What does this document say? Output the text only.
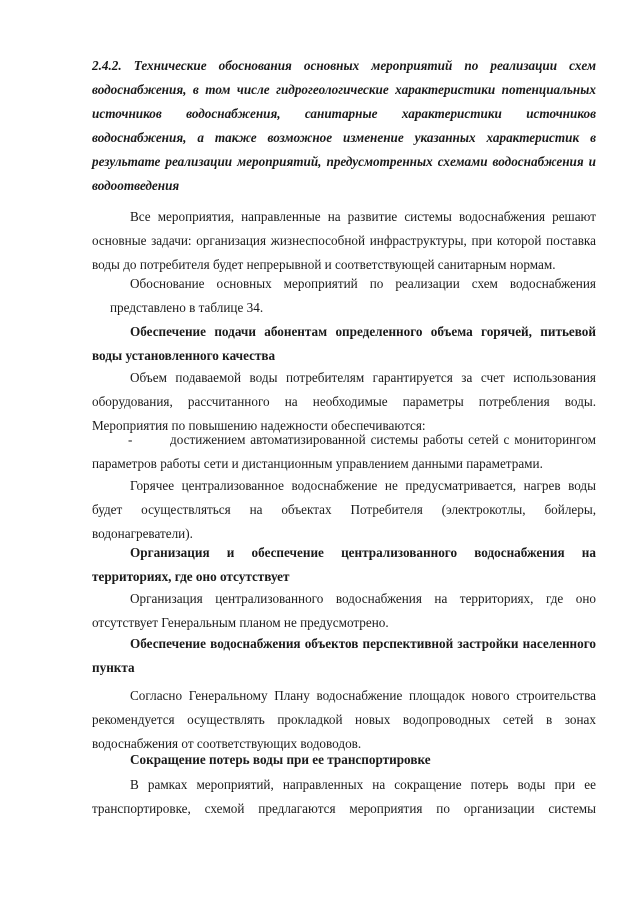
2.4.2. Технические обоснования основных мероприятий по реализации схем
водоснабжения, в том числе гидрогеологические характеристики потенциальных
источников водоснабжения, санитарные характеристики источников
водоснабжения, а также возможное изменение указанных характеристик в
результате реализации мероприятий, предусмотренных схемами водоснабжения и
водоотведения
Все мероприятия, направленные на развитие системы водоснабжения решают
основные задачи: организация жизнеспособной инфраструктуры, при которой поставка
воды до потребителя будет непрерывной и соответствующей санитарным нормам.
Обоснование основных мероприятий по реализации схем водоснабжения
представлено в таблице 34.
Обеспечение подачи абонентам определенного объема горячей, питьевой
воды установленного качества
Объем подаваемой воды потребителям гарантируется за счет использования
оборудования, рассчитанного на необходимые параметры потребления воды.
Мероприятия по повышению надежности обеспечиваются:
-	достижением автоматизированной системы работы сетей с мониторингом
параметров работы сети и дистанционным управлением данными параметрами.
Горячее централизованное водоснабжение не предусматривается, нагрев воды
будет осуществляться на объектах Потребителя (электрокотлы, бойлеры,
водонагреватели).
Организация и обеспечение централизованного водоснабжения на
территориях, где оно отсутствует
Организация централизованного водоснабжения на территориях, где оно
отсутствует Генеральным планом не предусмотрено.
Обеспечение водоснабжения объектов перспективной застройки населенного
пункта
Согласно Генеральному Плану водоснабжение площадок нового строительства
рекомендуется осуществлять прокладкой новых водопроводных сетей в зонах
водоснабжения от соответствующих водоводов.
Сокращение потерь воды при ее транспортировке
В рамках мероприятий, направленных на сокращение потерь воды при ее
транспортировке, схемой предлагаются мероприятия по организации системы
